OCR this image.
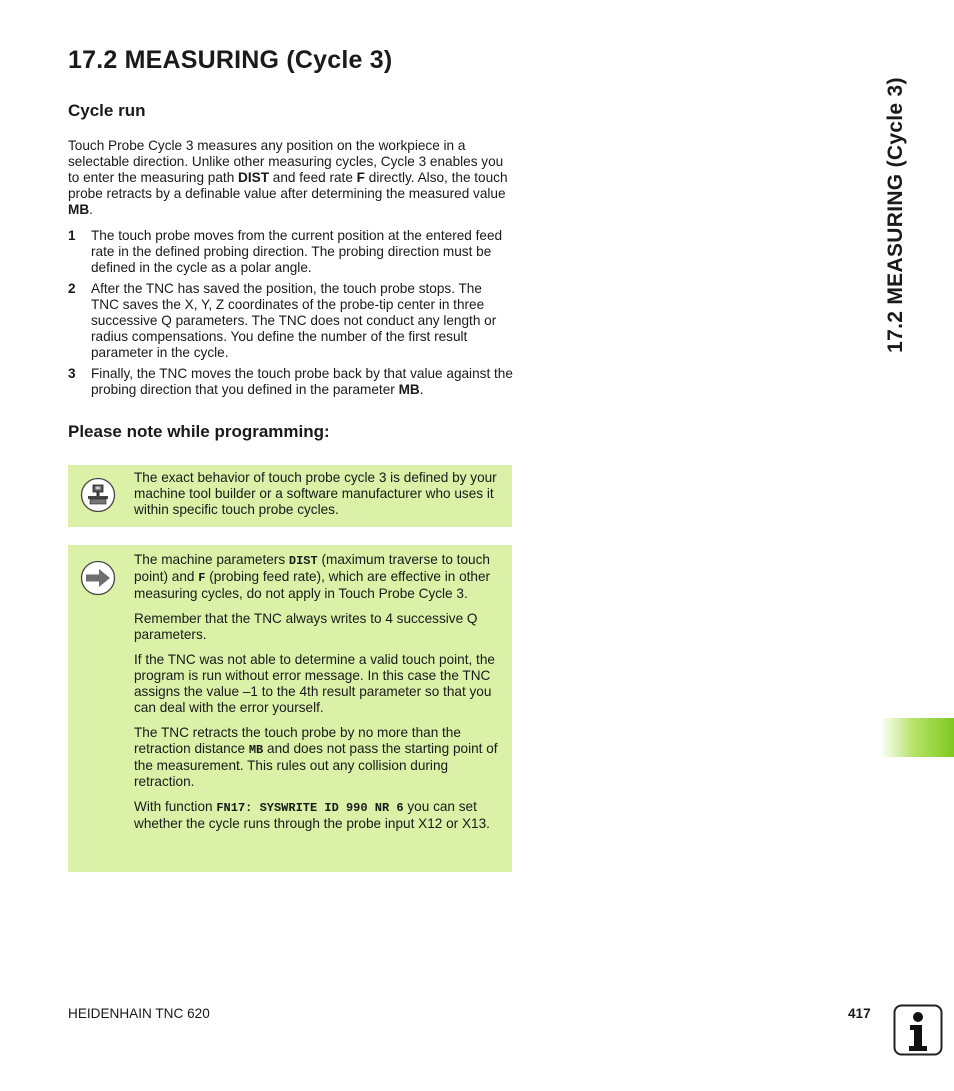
17.2 MEASURING (Cycle 3)
Cycle run

Touch Probe Cycle 3 measures any position on the workpiece in a selectable direction. Unlike other measuring cycles, Cycle 3 enables you to enter the measuring path DIST and feed rate F directly. Also, the touch probe retracts by a definable value after determining the measured value MB.

1 The touch probe moves from the current position at the entered feed rate in the defined probing direction. The probing direction must be defined in the cycle as a polar angle.
2 After the TNC has saved the position, the touch probe stops. The TNC saves the X, Y, Z coordinates of the probe-tip center in three successive Q parameters. The TNC does not conduct any length or radius compensations. You define the number of the first result parameter in the cycle.
3 Finally, the TNC moves the touch probe back by that value against the probing direction that you defined in the parameter MB.
Please note while programming:
The exact behavior of touch probe cycle 3 is defined by your machine tool builder or a software manufacturer who uses it within specific touch probe cycles.

The machine parameters DIST (maximum traverse to touch point) and F (probing feed rate), which are effective in other measuring cycles, do not apply in Touch Probe Cycle 3.

Remember that the TNC always writes to 4 successive Q parameters.

If the TNC was not able to determine a valid touch point, the program is run without error message. In this case the TNC assigns the value –1 to the 4th result parameter so that you can deal with the error yourself.

The TNC retracts the touch probe by no more than the retraction distance MB and does not pass the starting point of the measurement. This rules out any collision during retraction.

With function FN17: SYSWRITE ID 990 NR 6 you can set whether the cycle runs through the probe input X12 or X13.

17.2 MEASURING (Cycle 3)
HEIDENHAIN TNC 620	417
